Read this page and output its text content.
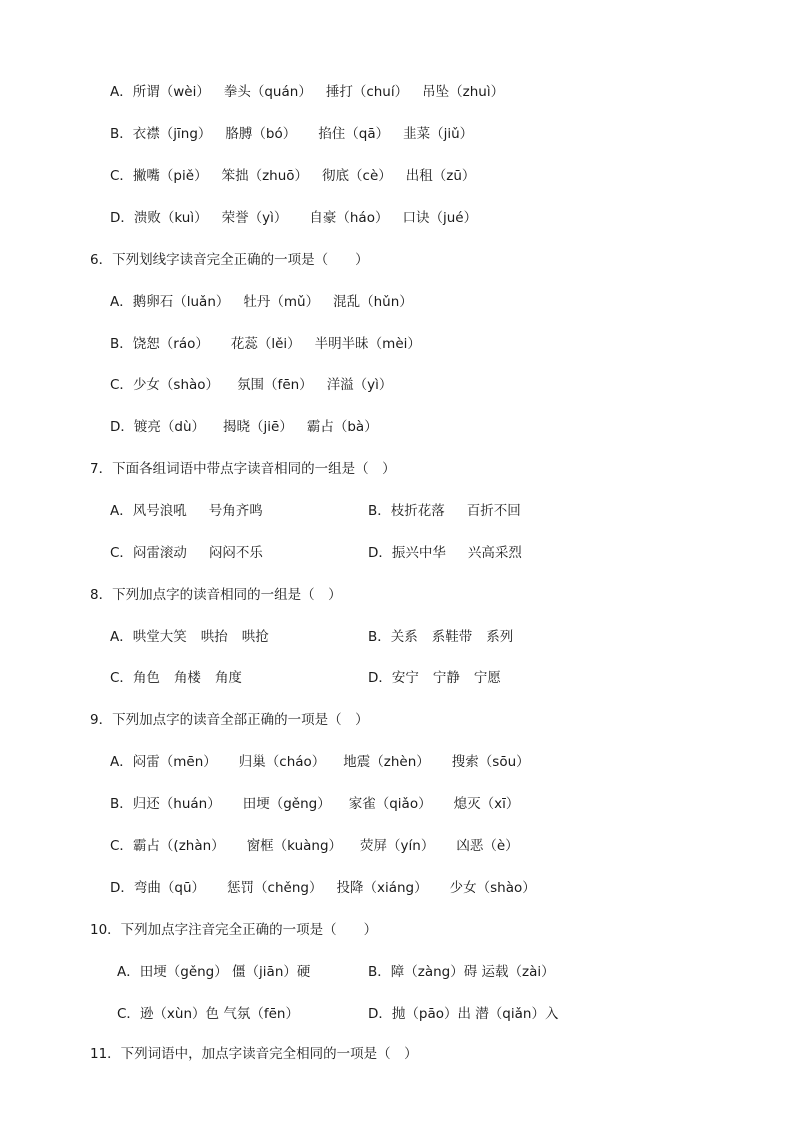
A．所谓（wèi） 拳头（quán） 捶打（chuí） 吊坠（zhuì）
B．衣襟（jīng） 胳膊（bó） 掐住（qā） 韭菜（jiǔ）
C．撇嘴（piě） 笨拙（zhuō） 彻底（cè） 出租（zū）
D．溃败（kuì） 荣誉（yì） 自豪（háo） 口诀（jué）
6．下列划线字读音完全正确的一项是（　　）
A．鹅卵石（luǎn） 牡丹（mǔ） 混乱（hǔn）
B．饶恕（ráo） 花蕊（lěi） 半明半昧（mèi）
C．少女（shào） 氛围（fēn） 洋溢（yì）
D．镀亮（dù） 揭晓（jiē） 霸占（bà）
7．下面各组词语中带点字读音相同的一组是（　）
A．风号浪吼 号角齐鸣	B．枝折花落 百折不回
C．闷雷滚动 闷闷不乐	D．振兴中华 兴高采烈
8．下列加点字的读音相同的一组是（　）
A．哄堂大笑 哄抬 哄抢	B．关系 系鞋带 系列
C．角色 角楼 角度	D．安宁 宁静 宁愿
9．下列加点字的读音全部正确的一项是（　）
A．闷雷（mēn） 归巢（cháo） 地震（zhèn） 搜索（sōu）
B．归还（huán） 田埂（gěng） 家雀（qiǎo） 熄灭（xī）
C．霸占（(zhàn） 窗框（kuàng） 荧屏（yín） 凶恶（è）
D．弯曲（qū） 惩罚（chěng） 投降（xiáng） 少女（shào）
10．下列加点字注音完全正确的一项是（　　）
A．田埂（gěng） 僵（jiān）硬	B．障（zàng）碍 运载（zài）
C．逊（xùn）色 气氛（fēn）	D．抛（pāo）出 潜（qiǎn）入
11．下列词语中，加点字读音完全相同的一项是（　）
